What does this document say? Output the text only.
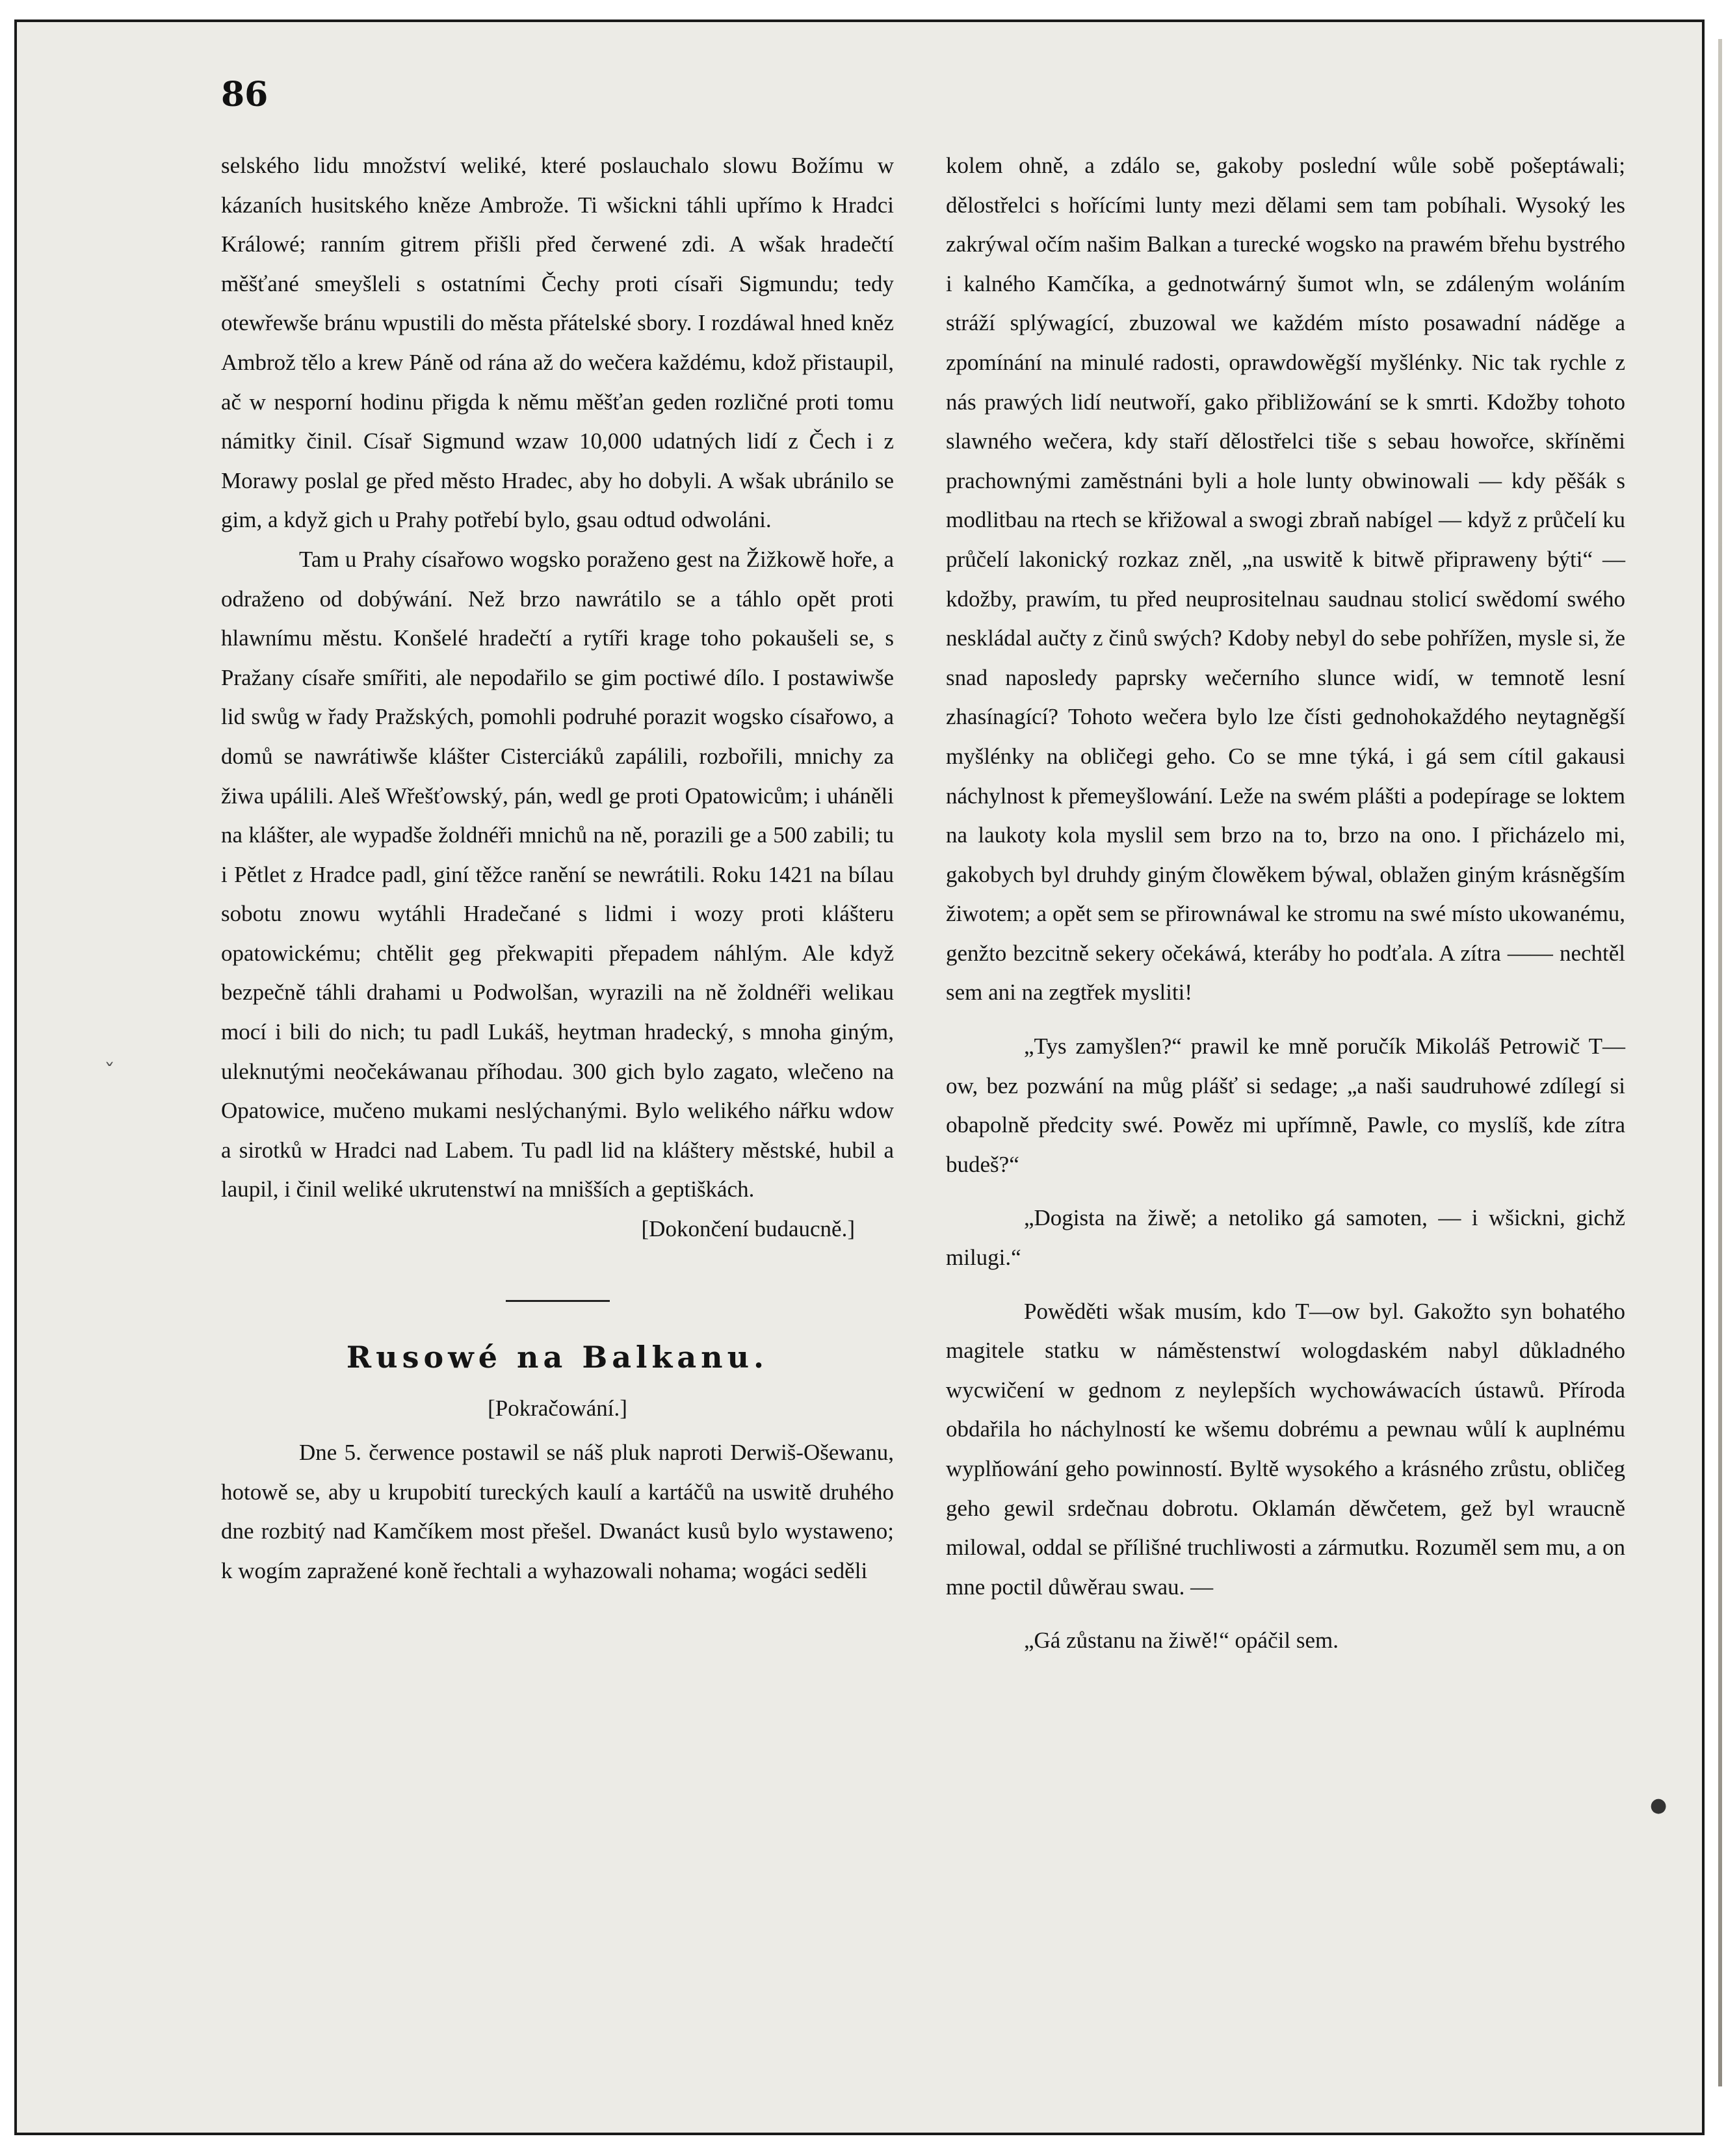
86

selského lidu množství weliké, které poslauchalo slowu Božímu w kázaních husitského kněze Ambrože. Ti wšickni táhli upřímo k Hradci Králowé; ranním gitrem přišli před čerwené zdi. A wšak hradečtí měšťané smeyšleli s ostatními Čechy proti císaři Sigmundu; tedy otewřewše bránu wpustili do města přátelské sbory. I rozdáwal hned kněz Ambrož tělo a krew Páně od rána až do wečera každému, kdož přistaupil, ač w nesporní hodinu přigda k němu měšťan geden rozličné proti tomu námitky činil. Císař Sigmund wzaw 10,000 udatných lidí z Čech i z Morawy poslal ge před město Hradec, aby ho dobyli. A wšak ubránilo se gim, a když gich u Prahy potřebí bylo, gsau odtud odwoláni.

Tam u Prahy císařowo wogsko poraženo gest na Žižkowě hoře, a odraženo od dobýwání. Než brzo nawrátilo se a táhlo opět proti hlawnímu městu. Konšelé hradečtí a rytíři krage toho pokaušeli se, s Pražany císaře smířiti, ale nepodařilo se gim poctiwé dílo. I postawiwše lid swůg w řady Pražských, pomohli podruhé porazit wogsko císařowo, a domů se nawrátiwše klášter Cisterciáků zapálili, rozbořili, mnichy za žiwa upálili. Aleš Wřešťowský, pán, wedl ge proti Opatowicům; i uháněli na klášter, ale wypadše žoldnéři mnichů na ně, porazili ge a 500 zabili; tu i Pětlet z Hradce padl, giní těžce ranění se newrátili. Roku 1421 na bílau sobotu znowu wytáhli Hradečané s lidmi i wozy proti klášteru opatowickému; chtělit geg překwapiti přepadem náhlým. Ale když bezpečně táhli drahami u Podwolšan, wyrazili na ně žoldnéři welikau mocí i bili do nich; tu padl Lukáš, heytman hradecký, s mnoha giným, uleknutými neočekáwanau příhodau. 300 gich bylo zagato, wlečeno na Opatowice, mučeno mukami neslýchanými. Bylo welikého nářku wdow a sirotků w Hradci nad Labem. Tu padl lid na kláštery městské, hubil a laupil, i činil weliké ukrutenstwí na mnišších a geptiškách.

[Dokončení budaucně.]

Rusowé na Balkanu.

[Pokračowání.]

Dne 5. čerwence postawil se náš pluk naproti Derwiš-Ošewanu, hotowě se, aby u krupobití tureckých kaulí a kartáčů na uswitě druhého dne rozbitý nad Kamčíkem most přešel. Dwanáct kusů bylo wystaweno; k wogím zapražené koně řechtali a wyhazowali nohama; wogáci seděli

kolem ohně, a zdálo se, gakoby poslední wůle sobě pošeptáwali; dělostřelci s hořícími lunty mezi dělami sem tam pobíhali. Wysoký les zakrýwal očím našim Balkan a turecké wogsko na prawém břehu bystrého i kalného Kamčíka, a gednotwárný šumot wln, se zdáleným woláním stráží splýwagící, zbuzowal we každém místo posawadní náděge a zpomínání na minulé radosti, oprawdowěgší myšlénky. Nic tak rychle z nás prawých lidí neutwoří, gako přibližowání se k smrti. Kdožby tohoto slawného wečera, kdy staří dělostřelci tiše s sebau howořce, skříněmi prachownými zaměstnáni byli a hole lunty obwinowali — kdy pěšák s modlitbau na rtech se křižowal a swogi zbraň nabígel — když z průčelí ku průčelí lakonický rozkaz zněl, „na uswitě k bitwě připraweny býti“ — kdožby, prawím, tu před neuprositelnau saudnau stolicí swědomí swého neskládal aučty z činů swých? Kdoby nebyl do sebe pohřížen, mysle si, že snad naposledy paprsky wečerního slunce widí, w temnotě lesní zhasínagící? Tohoto wečera bylo lze čísti gednohokaždého neytagněgší myšlénky na obličegi geho. Co se mne týká, i gá sem cítil gakausi náchylnost k přemeyšlowání. Leže na swém plášti a podepírage se loktem na laukoty kola myslil sem brzo na to, brzo na ono. I přicházelo mi, gakobych byl druhdy giným člowěkem býwal, oblažen giným krásněgším žiwotem; a opět sem se přirownáwal ke stromu na swé místo ukowanému, genžto bezcitně sekery očekáwá, kteráby ho podťala. A zítra —— nechtěl sem ani na zegtřek mysliti!

„Tys zamyšlen?“ prawil ke mně poručík Mikoláš Petrowič T—ow, bez pozwání na můg plášť si sedage; „a naši saudruhowé zdílegí si obapolně předcity swé. Powěz mi upřímně, Pawle, co myslíš, kde zítra budeš?“

„Dogista na žiwě; a netoliko gá samoten, — i wšickni, gichž milugi.“

Powěděti wšak musím, kdo T—ow byl. Gakožto syn bohatého magitele statku w náměstenstwí wologdaském nabyl důkladného wycwičení w gednom z neylepších wychowáwacích ústawů. Příroda obdařila ho náchylností ke wšemu dobrému a pewnau wůlí k auplnému wyplňowání geho powinností. Byltě wysokého a krásného zrůstu, obličeg geho gewil srdečnau dobrotu. Oklamán děwčetem, gež byl wraucně milowal, oddal se přílišné truchliwosti a zármutku. Rozuměl sem mu, a on mne poctil důwěrau swau. —

„Gá zůstanu na žiwě!“ opáčil sem.

ˇ
●
